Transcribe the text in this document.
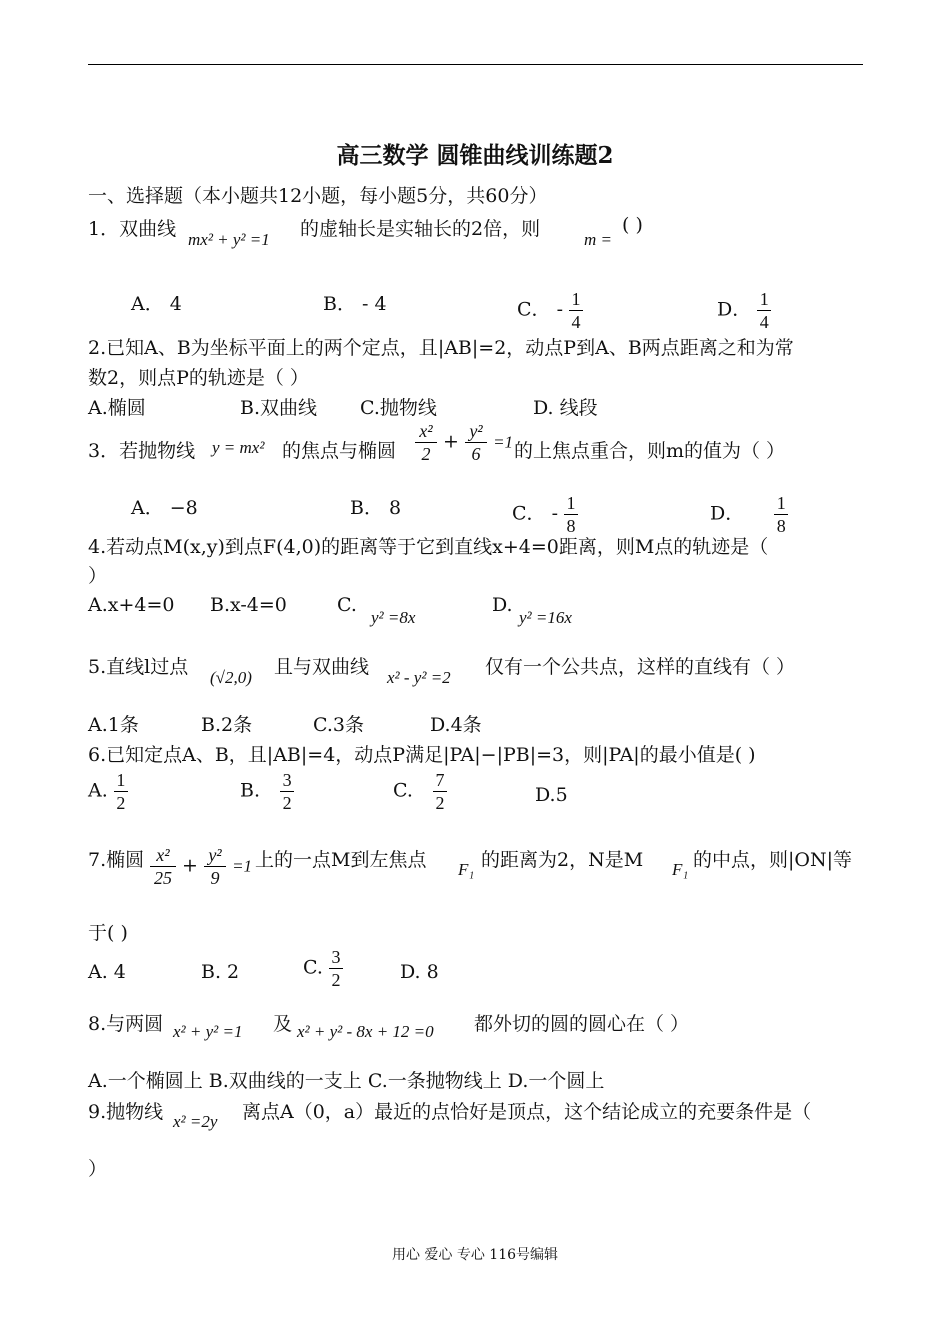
高三数学 圆锥曲线训练题2
一、选择题（本小题共12小题，每小题5分，共60分）
1．双曲线 mx² + y² =1 的虚轴长是实轴长的2倍，则	m =
( )
A． 4	B． - 4	C． - $\frac{1}{4}$	D． $\frac{1}{4}$
2.已知A、B为坐标平面上的两个定点，且|AB|=2，动点P到A、B两点距离之和为常
数2，则点P的轨迹是（ ）
A.椭圆	B.双曲线 C.抛物线	D. 线段
3．若抛物线 y = mx² 的焦点与椭圆 $\frac{\text{x²}}{2} + \frac{\text{y²}}{6} =1$ 的上焦点重合，则m的值为（ ）
A． −8	B． 8	C． - $\frac{1}{8}$	D． $\frac{1}{8}$
4.若动点M(x,y)到点F(4,0)的距离等于它到直线x+4=0距离，则M点的轨迹是（
）
A.x+4=0 B.x-4=0	C.
y² =8x
D.
y² =16x
5.直线l过点 (√2,0) 且与双曲线 x² - y² =2 仅有一个公共点，这样的直线有（ ）
A.1条	B.2条	C.3条	D.4条
6.已知定点A、B，且|AB|=4，动点P满足|PA|−|PB|=3，则|PA|的最小值是( )
A. $\frac{1}{2}$	B. $\frac{3}{2}$	C. $\frac{7}{2}$	D.5
7.椭圆 $\frac{\text{x²}}{25} + \frac{\text{y²}}{9} =1$ 上的一点M到左焦点 F₁ 的距离为2，N是M F₁ 的中点，则|ON|等
于( )
A. 4	B. 2	C. $\frac{3}{2}$	D. 8
8.与两圆 x² + y² =1 及 x² + y² - 8x + 12 =0 都外切的圆的圆心在（ ）
A.一个椭圆上 B.双曲线的一支上 C.一条抛物线上 D.一个圆上
9.抛物线 x² =2y 离点A（0，a）最近的点恰好是顶点，这个结论成立的充要条件是（
）
用心 爱心 专心 116号编辑
